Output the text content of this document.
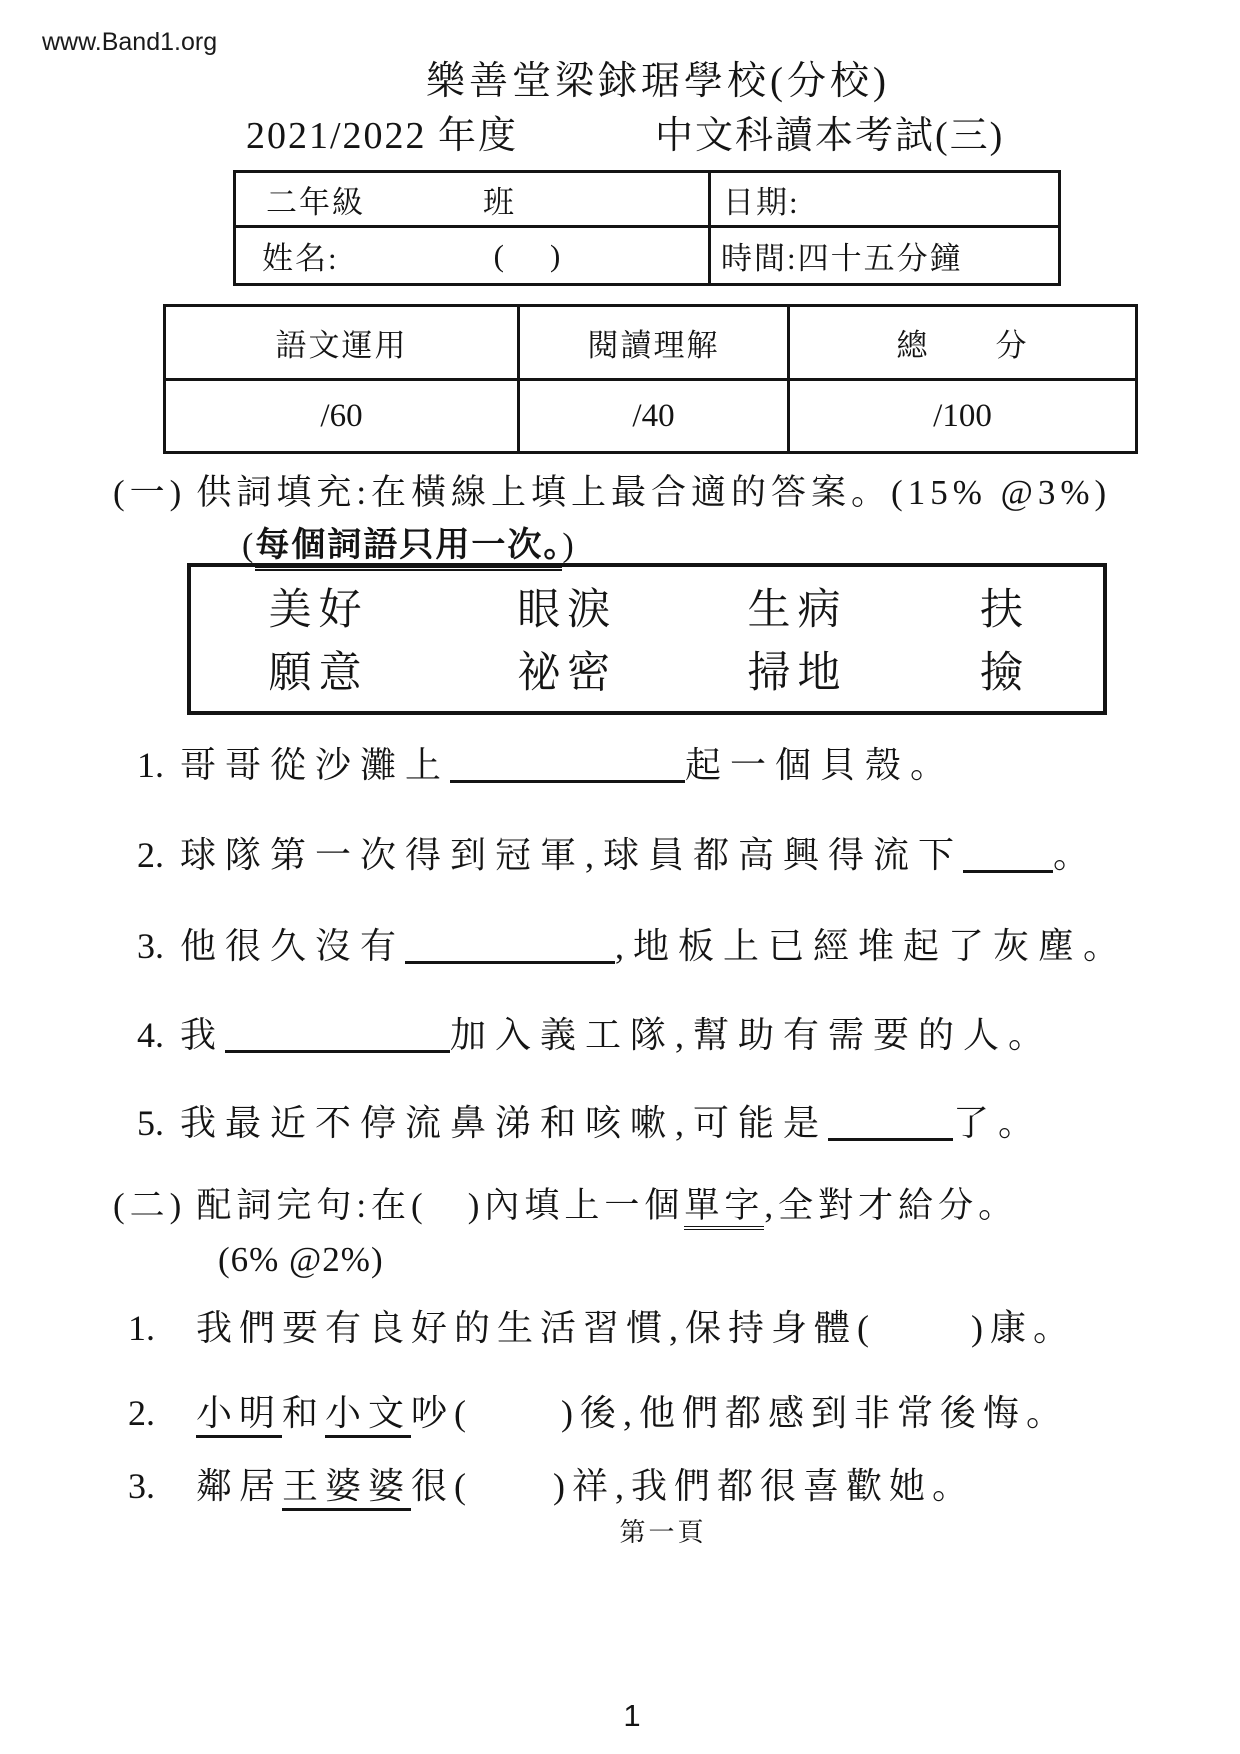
www.Band1.org
樂善堂梁銶琚學校(分校)
2021/2022 年度	中文科讀本考試(三)
二年級	班	日期:
姓名:	( )	時間: 四十五分鐘
語文運用	閱讀理解	總　　分
/60	/40	/100
(一) 供詞填充:在橫線上填上最合適的答案。(15% @3%)
(每個詞語只用一次。)
美好	眼淚	生病	扶
願意	祕密	掃地	撿
1. 哥哥從沙灘上	起一個貝殼。
2. 球隊第一次得到冠軍,球員都高興得流下	。
3. 他很久沒有	,地板上已經堆起了灰塵。
4. 我	加入義工隊,幫助有需要的人。
5. 我最近不停流鼻涕和咳嗽,可能是	了。
(二) 配詞完句:在(　)內填上一個單字,全對才給分。
(6% @2%)
1. 我們要有良好的生活習慣,保持身體(	)康。
2. 小明和小文吵( )後,他們都感到非常後悔。
3. 鄰居王婆婆很( )祥,我們都很喜歡她。
第一頁
1
